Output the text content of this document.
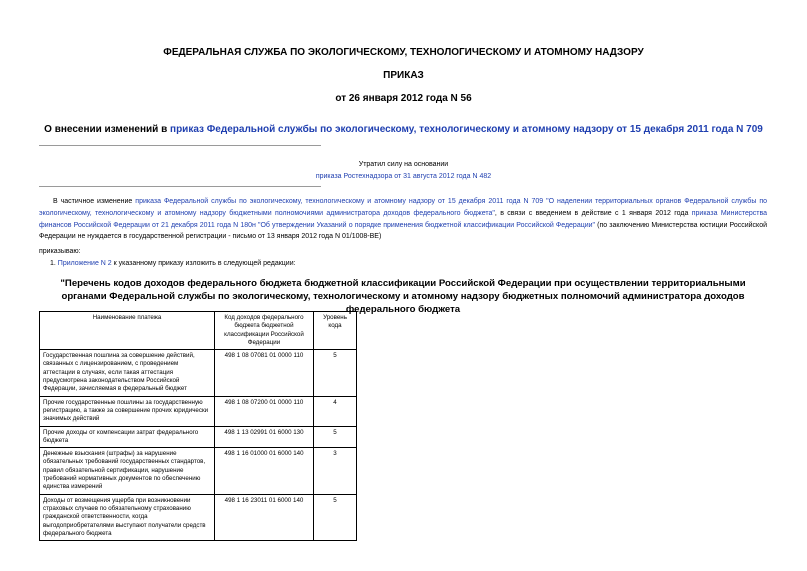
ФЕДЕРАЛЬНАЯ СЛУЖБА ПО ЭКОЛОГИЧЕСКОМУ, ТЕХНОЛОГИЧЕСКОМУ И АТОМНОМУ НАДЗОРУ
ПРИКАЗ
от 26 января 2012 года N 56
О внесении изменений в приказ Федеральной службы по экологическому, технологическому и атомному надзору от 15 декабря 2011 года N 709
Утратил силу на основании
приказа Ростехнадзора от 31 августа 2012 года N 482
В частичное изменение приказа Федеральной службы по экологическому, технологическому и атомному надзору от 15 декабря 2011 года N 709 "О наделении территориальных органов Федеральной службы по экологическому, технологическому и атомному надзору бюджетными полномочиями администратора доходов федерального бюджета", в связи с введением в действие с 1 января 2012 года приказа Министерства финансов Российской Федерации от 21 декабря 2011 года N 180н "Об утверждении Указаний о порядке применения бюджетной классификации Российской Федерации" (по заключению Министерства юстиции Российской Федерации не нуждается в государственной регистрации - письмо от 13 января 2012 года N 01/1008-ВЕ)
приказываю:
1. Приложение N 2 к указанному приказу изложить в следующей редакции:
"Перечень кодов доходов федерального бюджета бюджетной классификации Российской Федерации при осуществлении территориальными органами Федеральной службы по экологическому, технологическому и атомному надзору бюджетных полномочий администратора доходов федерального бюджета
Наименование платежа	Код доходов федерального бюджета бюджетной классификации Российской Федерации	Уровень кода
Государственная пошлина за совершение действий, связанных с лицензированием, с проведением аттестации в случаях, если такая аттестация предусмотрена законодательством Российской Федерации, зачисляемая в федеральный бюджет	498 1 08 07081 01 0000 110	5
Прочие государственные пошлины за государственную регистрацию, а также за совершение прочих юридически значимых действий	498 1 08 07200 01 0000 110	4
Прочие доходы от компенсации затрат федерального бюджета	498 1 13 02991 01 6000 130	5
Денежные взыскания (штрафы) за нарушение обязательных требований государственных стандартов, правил обязательной сертификации, нарушение требований нормативных документов по обеспечению единства измерений	498 1 16 01000 01 6000 140	3
Доходы от возмещения ущерба при возникновении страховых случаев по обязательному страхованию гражданской ответственности, когда выгодоприобретателями выступают получатели средств федерального бюджета	498 1 16 23011 01 6000 140	5
